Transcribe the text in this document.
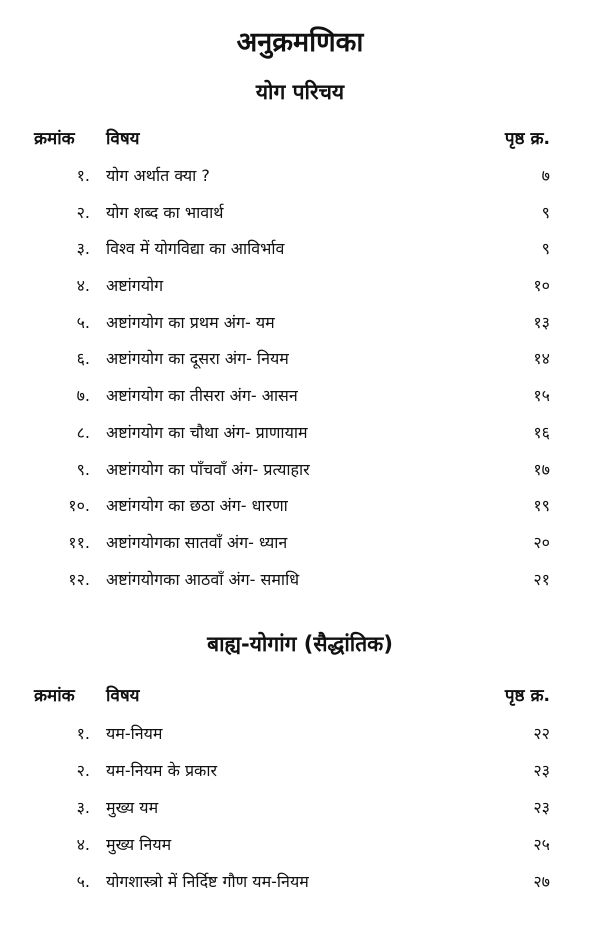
अनुक्रमणिका
योग परिचय
क्रमांक विषय	पृष्ठ क्र.
१. योग अर्थात क्या ?	७
२. योग शब्द का भावार्थ	९
३. विश्व में योगविद्या का आविर्भाव	९
४. अष्टांगयोग	१०
५. अष्टांगयोग का प्रथम अंग- यम	१३
६. अष्टांगयोग का दूसरा अंग- नियम	१४
७. अष्टांगयोग का तीसरा अंग- आसन	१५
८. अष्टांगयोग का चौथा अंग- प्राणायाम	१६
९. अष्टांगयोग का पाँचवाँ अंग- प्रत्याहार	१७
१०. अष्टांगयोग का छठा अंग- धारणा	१९
११. अष्टांगयोगका सातवाँ अंग- ध्यान	२०
१२. अष्टांगयोगका आठवाँ अंग- समाधि	२१
बाह्य-योगांग (सैद्धांतिक)
क्रमांक विषय	पृष्ठ क्र.
१. यम-नियम	२२
२. यम-नियम के प्रकार	२३
३. मुख्य यम	२३
४. मुख्य नियम	२५
५. योगशास्त्रो में निर्दिष्ट गौण यम-नियम	२७
